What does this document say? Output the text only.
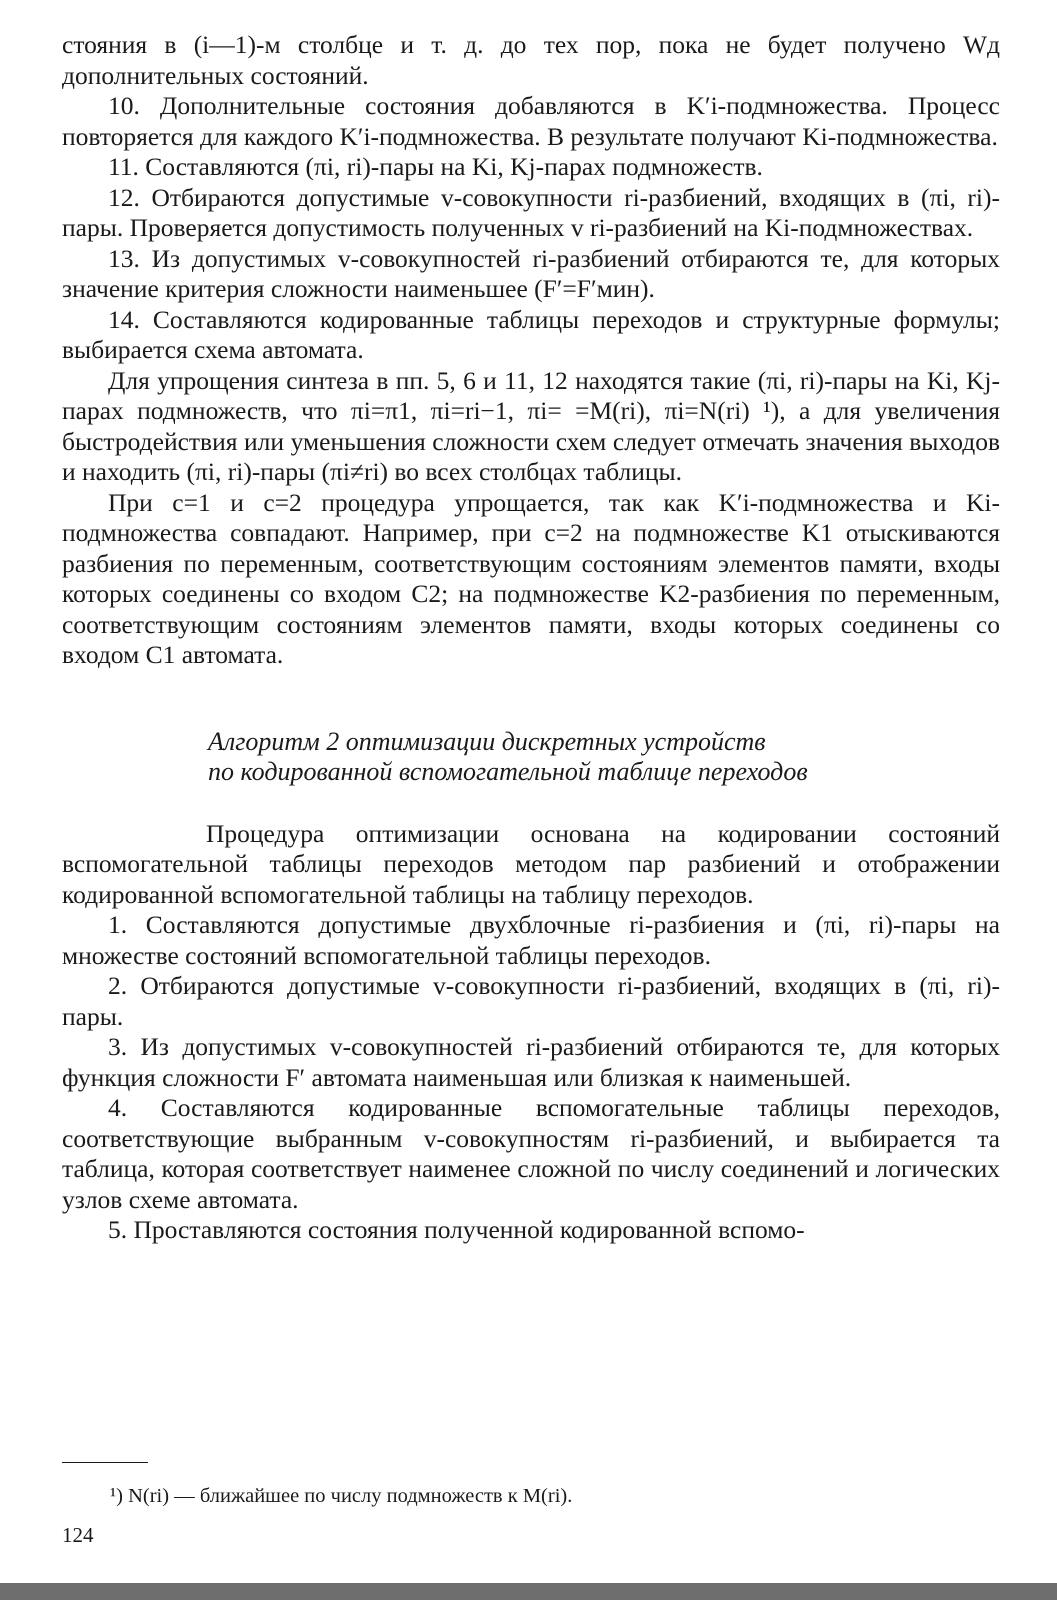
стояния в (i—1)-м столбце и т. д. до тех пор, пока не будет получено Wд дополнительных состояний.

10. Дополнительные состояния добавляются в K′i-подмножества. Процесс повторяется для каждого K′i-подмножества. В результате получают Ki-подмножества.

11. Составляются (πi, ri)-пары на Ki, Kj-парах подмножеств.

12. Отбираются допустимые v-совокупности ri-разбиений, входящих в (πi, ri)-пары. Проверяется допустимость полученных v ri-разбиений на Ki-подмножествах.

13. Из допустимых v-совокупностей ri-разбиений отбираются те, для которых значение критерия сложности наименьшее (F′=F′мин).

14. Составляются кодированные таблицы переходов и структурные формулы; выбирается схема автомата.

Для упрощения синтеза в пп. 5, 6 и 11, 12 находятся такие (πi, ri)-пары на Ki, Kj-парах подмножеств, что πi=π1, πi=ri−1, πi= =M(ri), πi=N(ri) ¹), а для увеличения быстродействия или уменьшения сложности схем следует отмечать значения выходов и находить (πi, ri)-пары (πi≠ri) во всех столбцах таблицы.

При c=1 и c=2 процедура упрощается, так как K′i-подмножества и Ki-подмножества совпадают. Например, при c=2 на подмножестве K1 отыскиваются разбиения по переменным, соответствующим состояниям элементов памяти, входы которых соединены со входом C2; на подмножестве K2-разбиения по переменным, соответствующим состояниям элементов памяти, входы которых соединены со входом C1 автомата.

Алгоритм 2 оптимизации дискретных устройств
по кодированной вспомогательной таблице переходов

Процедура оптимизации основана на кодировании состояний вспомогательной таблицы переходов методом пар разбиений и отображении кодированной вспомогательной таблицы на таблицу переходов.

1. Составляются допустимые двухблочные ri-разбиения и (πi, ri)-пары на множестве состояний вспомогательной таблицы переходов.

2. Отбираются допустимые v-совокупности ri-разбиений, входящих в (πi, ri)-пары.

3. Из допустимых v-совокупностей ri-разбиений отбираются те, для которых функция сложности F′ автомата наименьшая или близкая к наименьшей.

4. Составляются кодированные вспомогательные таблицы переходов, соответствующие выбранным v-совокупностям ri-разбиений, и выбирается та таблица, которая соответствует наименее сложной по числу соединений и логических узлов схеме автомата.

5. Проставляются состояния полученной кодированной вспомо-

¹) N(ri) — ближайшее по числу подмножеств к M(ri).
124
